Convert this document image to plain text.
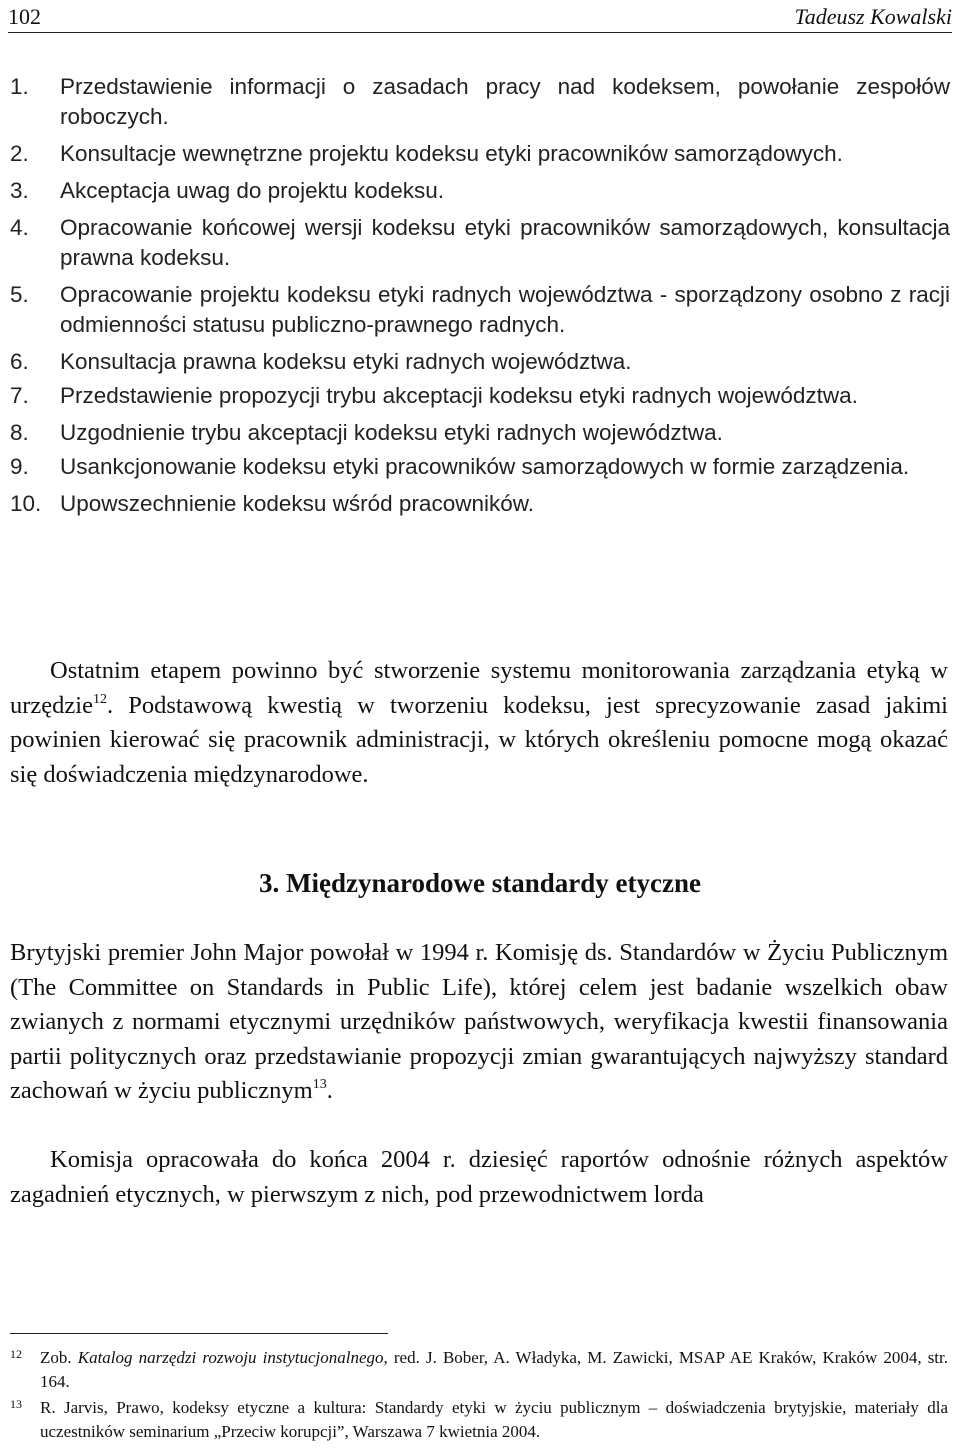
102	Tadeusz Kowalski
1. Przedstawienie informacji o zasadach pracy nad kodeksem, powołanie zespołów roboczych.
2. Konsultacje wewnętrzne projektu kodeksu etyki pracowników samorządowych.
3. Akceptacja uwag do projektu kodeksu.
4. Opracowanie końcowej wersji kodeksu etyki pracowników samorządowych, konsultacja prawna kodeksu.
5. Opracowanie projektu kodeksu etyki radnych województwa - sporządzony osobno z racji odmienności statusu publiczno-prawnego radnych.
6. Konsultacja prawna kodeksu etyki radnych województwa.
7. Przedstawienie propozycji trybu akceptacji kodeksu etyki radnych województwa.
8. Uzgodnienie trybu akceptacji kodeksu etyki radnych województwa.
9. Usankcjonowanie kodeksu etyki pracowników samorządowych w formie zarządzenia.
10. Upowszechnienie kodeksu wśród pracowników.

Ostatnim etapem powinno być stworzenie systemu monitorowania zarządzania etyką w urzędzie$^{12}$. Podstawową kwestią w tworzeniu kodeksu, jest sprecyzowanie zasad jakimi powinien kierować się pracownik administracji, w których określeniu pomocne mogą okazać się doświadczenia międzynarodowe.

3. Międzynarodowe standardy etyczne

Brytyjski premier John Major powołał w 1994 r. Komisję ds. Standardów w Życiu Publicznym (The Committee on Standards in Public Life), której celem jest badanie wszelkich obaw zwianych z normami etycznymi urzędników państwowych, weryfikacja kwestii finansowania partii politycznych oraz przedstawianie propozycji zmian gwarantujących najwyższy standard zachowań w życiu publicznym$^{13}$.

Komisja opracowała do końca 2004 r. dziesięć raportów odnośnie różnych aspektów zagadnień etycznych, w pierwszym z nich, pod przewodnictwem lorda

12 Zob. Katalog narzędzi rozwoju instytucjonalnego, red. J. Bober, A. Władyka, M. Zawicki, MSAP AE Kraków, Kraków 2004, str. 164.
13 R. Jarvis, Prawo, kodeksy etyczne a kultura: Standardy etyki w życiu publicznym – doświadczenia brytyjskie, materiały dla uczestników seminarium „Przeciw korupcji”, Warszawa 7 kwietnia 2004.
